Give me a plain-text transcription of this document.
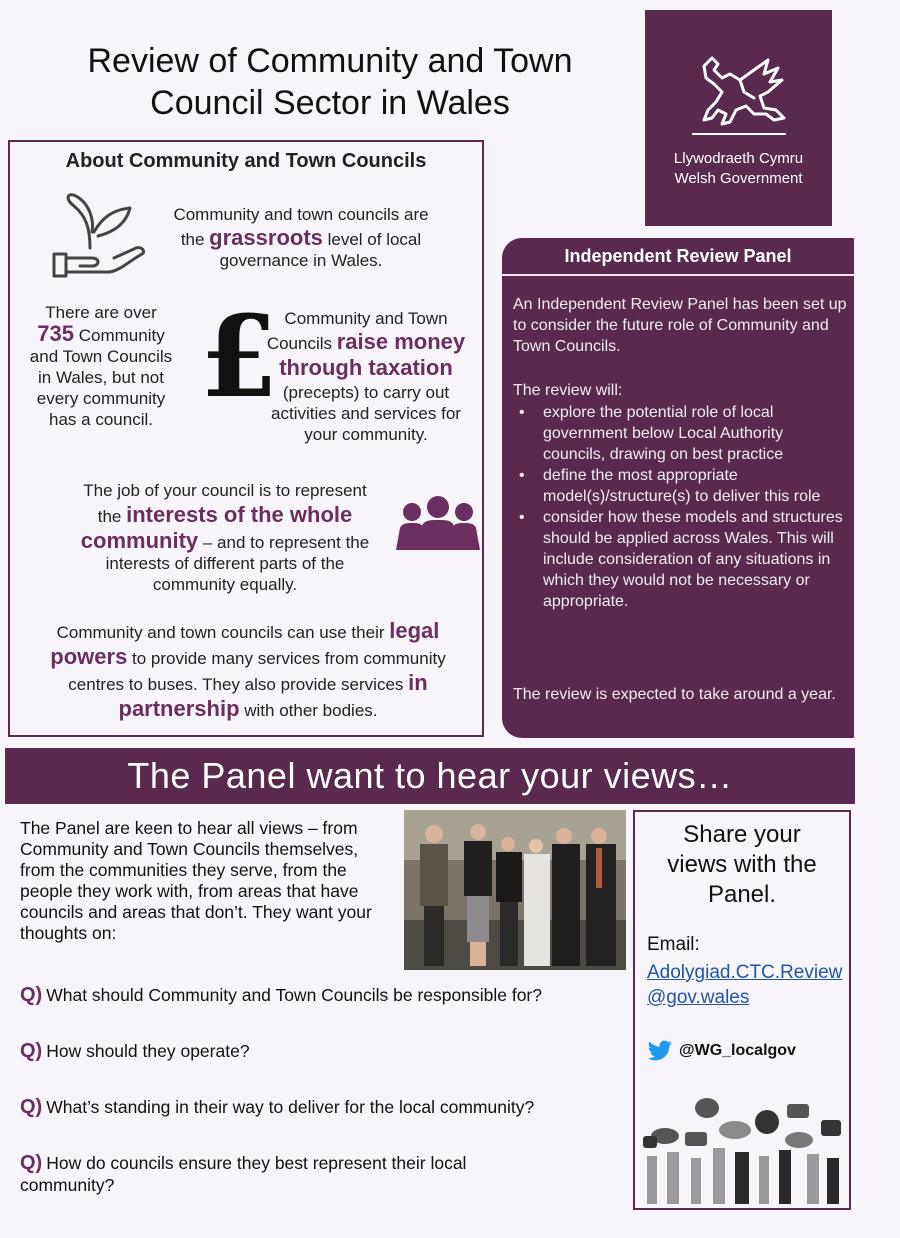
Review of Community and Town
Council Sector in Wales
Llywodraeth Cymru
Welsh Government
About Community and Town Councils
Community and town councils are
the grassroots level of local
governance in Wales.
There are over
735 Community
and Town Councils
in Wales, but not
every community
has a council. £ Community and Town
Councils raise money
through taxation
(precepts) to carry out
activities and services for
your community.
The job of your council is to represent
the interests of the whole
community – and to represent the
interests of different parts of the
community equally.
Community and town councils can use their legal
powers to provide many services from community
centres to buses. They also provide services in
partnership with other bodies.
Independent Review Panel
An Independent Review Panel has been set up to consider the future role of Community and Town Councils.
The review will:
• explore the potential role of local government below Local Authority councils, drawing on best practice
• define the most appropriate model(s)/structure(s) to deliver this role
• consider how these models and structures should be applied across Wales. This will include consideration of any situations in which they would not be necessary or appropriate.
The review is expected to take around a year.
The Panel want to hear your views…
The Panel are keen to hear all views – from Community and Town Councils themselves, from the communities they serve, from the people they work with, from areas that have councils and areas that don’t. They want your thoughts on:
Q) What should Community and Town Councils be responsible for?
Q) How should they operate?
Q) What’s standing in their way to deliver for the local community?
Q) How do councils ensure they best represent their local community?
Share your
views with the
Panel.
Email:
Adolygiad.CTC.Review@gov.wales
@WG_localgov
